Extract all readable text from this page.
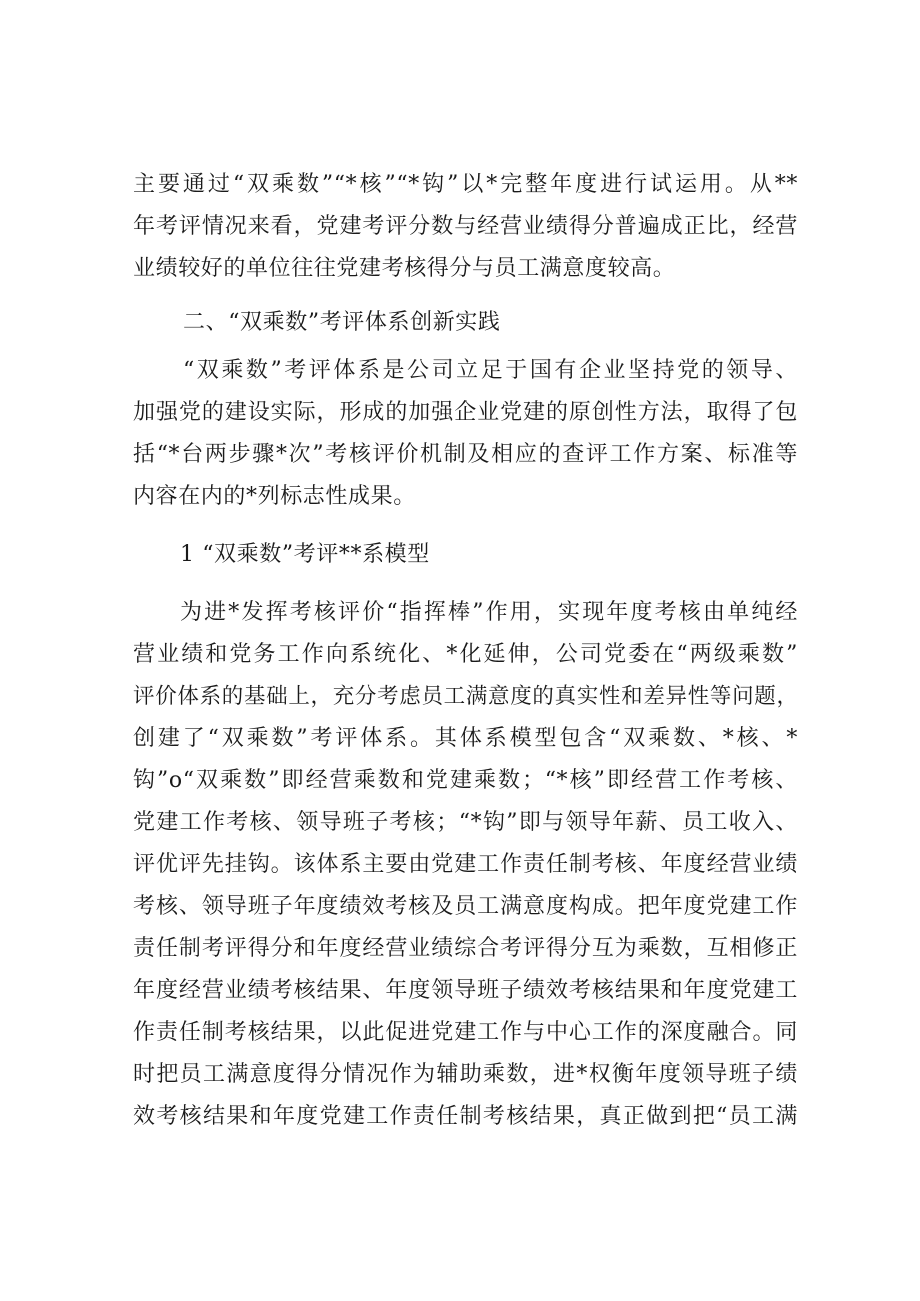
主要通过“双乘数”“*核”“*钩”以*完整年度进行试运用。从**
年考评情况来看，党建考评分数与经营业绩得分普遍成正比，经营
业绩较好的单位往往党建考核得分与员工满意度较高。
二、“双乘数”考评体系创新实践
“双乘数”考评体系是公司立足于国有企业坚持党的领导、
加强党的建设实际，形成的加强企业党建的原创性方法，取得了包
括“*台两步骤*次”考核评价机制及相应的查评工作方案、标准等
内容在内的*列标志性成果。
1 “双乘数”考评**系模型
为进*发挥考核评价“指挥棒”作用，实现年度考核由单纯经
营业绩和党务工作向系统化、*化延伸，公司党委在“两级乘数”
评价体系的基础上，充分考虑员工满意度的真实性和差异性等问题，
创建了“双乘数”考评体系。其体系模型包含“双乘数、*核、*
钩”o“双乘数”即经营乘数和党建乘数；“*核”即经营工作考核、
党建工作考核、领导班子考核；“*钩”即与领导年薪、员工收入、
评优评先挂钩。该体系主要由党建工作责任制考核、年度经营业绩
考核、领导班子年度绩效考核及员工满意度构成。把年度党建工作
责任制考评得分和年度经营业绩综合考评得分互为乘数，互相修正
年度经营业绩考核结果、年度领导班子绩效考核结果和年度党建工
作责任制考核结果，以此促进党建工作与中心工作的深度融合。同
时把员工满意度得分情况作为辅助乘数，进*权衡年度领导班子绩
效考核结果和年度党建工作责任制考核结果，真正做到把“员工满
